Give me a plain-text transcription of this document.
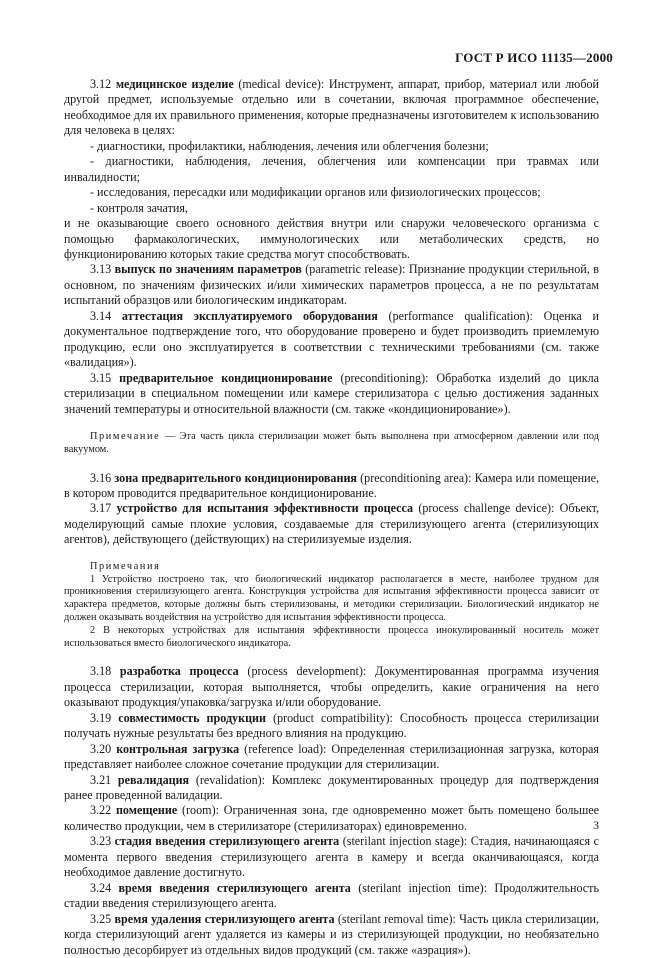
ГОСТ Р ИСО 11135—2000

3.12 медицинское изделие (medical device): Инструмент, аппарат, прибор, материал или любой другой предмет, используемые отдельно или в сочетании, включая программное обеспечение, необходимое для их правильного применения, которые предназначены изготовителем к использованию для человека в целях:

- диагностики, профилактики, наблюдения, лечения или облегчения болезни;

- диагностики, наблюдения, лечения, облегчения или компенсации при травмах или инвалидности;

- исследования, пересадки или модификации органов или физиологических процессов;

- контроля зачатия,

и не оказывающие своего основного действия внутри или снаружи человеческого организма с помощью фармакологических, иммунологических или метаболических средств, но функционированию которых такие средства могут способствовать.

3.13 выпуск по значениям параметров (parametric release): Признание продукции стерильной, в основном, по значениям физических и/или химических параметров процесса, а не по результатам испытаний образцов или биологическим индикаторам.

3.14 аттестация эксплуатируемого оборудования (performance qualification): Оценка и документальное подтверждение того, что оборудование проверено и будет производить приемлемую продукцию, если оно эксплуатируется в соответствии с техническими требованиями (см. также «валидация»).

3.15 предварительное кондиционирование (preconditioning): Обработка изделий до цикла стерилизации в специальном помещении или камере стерилизатора с целью достижения заданных значений температуры и относительной влажности (см. также «кондиционирование»).

Примечание — Эта часть цикла стерилизации может быть выполнена при атмосферном давлении или под вакуумом.

3.16 зона предварительного кондиционирования (preconditioning area): Камера или помещение, в котором проводится предварительное кондиционирование.

3.17 устройство для испытания эффективности процесса (process challenge device): Объект, моделирующий самые плохие условия, создаваемые для стерилизующего агента (стерилизующих агентов), действующего (действующих) на стерилизуемые изделия.

Примечания

1 Устройство построено так, что биологический индикатор располагается в месте, наиболее трудном для проникновения стерилизующего агента. Конструкция устройства для испытания эффективности процесса зависит от характера предметов, которые должны быть стерилизованы, и методики стерилизации. Биологический индикатор не должен оказывать воздействия на устройство для испытания эффективности процесса.

2 В некоторых устройствах для испытания эффективности процесса инокулированный носитель может использоваться вместо биологического индикатора.

3.18 разработка процесса (process development): Документированная программа изучения процесса стерилизации, которая выполняется, чтобы определить, какие ограничения на него оказывают продукция/упаковка/загрузка и/или оборудование.

3.19 совместимость продукции (product compatibility): Способность процесса стерилизации получать нужные результаты без вредного влияния на продукцию.

3.20 контрольная загрузка (reference load): Определенная стерилизационная загрузка, которая представляет наиболее сложное сочетание продукции для стерилизации.

3.21 ревалидация (revalidation): Комплекс документированных процедур для подтверждения ранее проведенной валидации.

3.22 помещение (room): Ограниченная зона, где одновременно может быть помещено большее количество продукции, чем в стерилизаторе (стерилизаторах) единовременно.

3.23 стадия введения стерилизующего агента (sterilant injection stage): Стадия, начинающаяся с момента первого введения стерилизующего агента в камеру и всегда оканчивающаяся, когда необходимое давление достигнуто.

3.24 время введения стерилизующего агента (sterilant injection time): Продолжительность стадии введения стерилизующего агента.

3.25 время удаления стерилизующего агента (sterilant removal time): Часть цикла стерилизации, когда стерилизующий агент удаляется из камеры и из стерилизующей продукции, но необязательно полностью десорбирует из отдельных видов продукций (см. также «аэрация»).

3
